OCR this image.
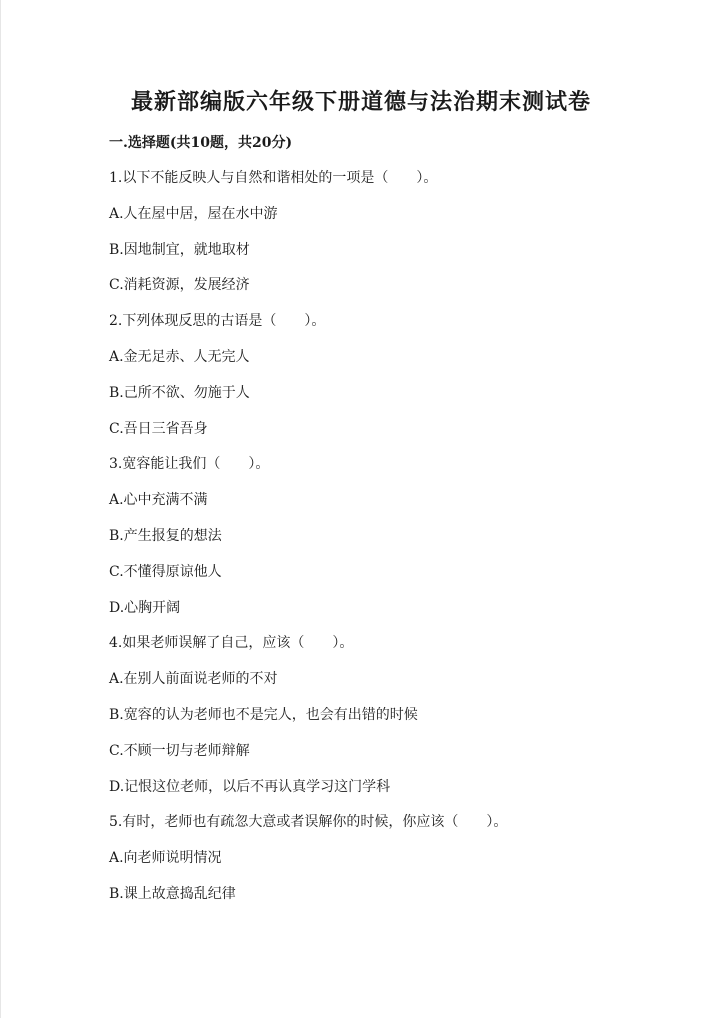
最新部编版六年级下册道德与法治期末测试卷
一.选择题(共10题，共20分)
1.以下不能反映人与自然和谐相处的一项是（　　）。
A.人在屋中居，屋在水中游
B.因地制宜，就地取材
C.消耗资源，发展经济
2.下列体现反思的古语是（　　）。
A.金无足赤、人无完人
B.己所不欲、勿施于人
C.吾日三省吾身
3.宽容能让我们（　　）。
A.心中充满不满
B.产生报复的想法
C.不懂得原谅他人
D.心胸开阔
4.如果老师误解了自己，应该（　　）。
A.在别人前面说老师的不对
B.宽容的认为老师也不是完人，也会有出错的时候
C.不顾一切与老师辩解
D.记恨这位老师，以后不再认真学习这门学科
5.有时，老师也有疏忽大意或者误解你的时候，你应该（　　）。
A.向老师说明情况
B.课上故意捣乱纪律
